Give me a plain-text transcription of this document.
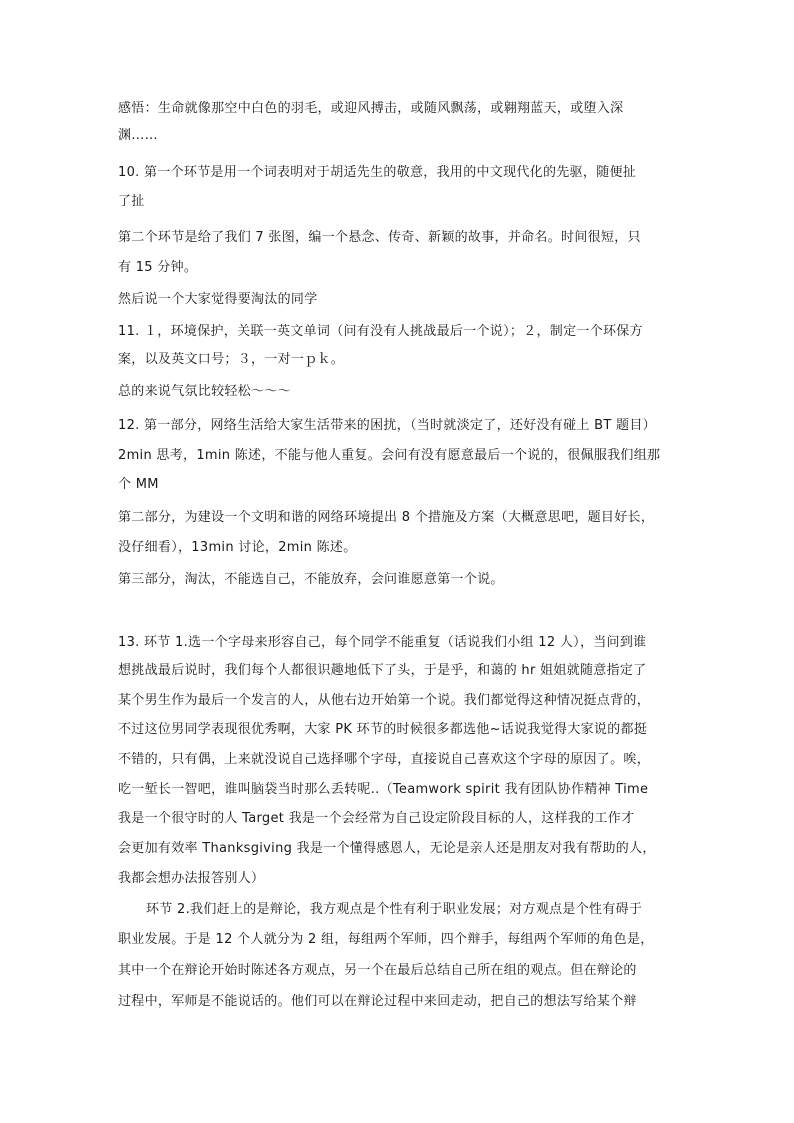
感悟：生命就像那空中白色的羽毛，或迎风搏击，或随风飘荡，或翱翔蓝天，或堕入深
渊……
10. 第一个环节是用一个词表明对于胡适先生的敬意，我用的中文现代化的先驱，随便扯
了扯
第二个环节是给了我们 7 张图，编一个悬念、传奇、新颖的故事，并命名。时间很短，只
有 15 分钟。
然后说一个大家觉得要淘汰的同学
11. １，环境保护，关联一英文单词（问有没有人挑战最后一个说）；２，制定一个环保方
案，以及英文口号；３，一对一ｐｋ。
总的来说气氛比较轻松～～～
12. 第一部分，网络生活给大家生活带来的困扰，（当时就淡定了，还好没有碰上 BT 题目）
2min 思考，1min 陈述，不能与他人重复。会问有没有愿意最后一个说的，很佩服我们组那
个 MM
第二部分，为建设一个文明和谐的网络环境提出 8 个措施及方案（大概意思吧，题目好长，
没仔细看），13min 讨论，2min 陈述。
第三部分，淘汰，不能选自己，不能放弃，会问谁愿意第一个说。
13. 环节 1.选一个字母来形容自己，每个同学不能重复（话说我们小组 12 人），当问到谁
想挑战最后说时，我们每个人都很识趣地低下了头，于是乎，和蔼的 hr 姐姐就随意指定了
某个男生作为最后一个发言的人，从他右边开始第一个说。我们都觉得这种情况挺点背的，
不过这位男同学表现很优秀啊，大家 PK 环节的时候很多都选他~话说我觉得大家说的都挺
不错的，只有偶，上来就没说自己选择哪个字母，直接说自己喜欢这个字母的原因了。唉，
吃一堑长一智吧，谁叫脑袋当时那么丢转呢..（Teamwork spirit 我有团队协作精神 Time
我是一个很守时的人 Target 我是一个会经常为自己设定阶段目标的人，这样我的工作才
会更加有效率 Thanksgiving 我是一个懂得感恩人，无论是亲人还是朋友对我有帮助的人，
我都会想办法报答别人）
环节 2.我们赶上的是辩论，我方观点是个性有利于职业发展；对方观点是个性有碍于
职业发展。于是 12 个人就分为 2 组，每组两个军师，四个辩手，每组两个军师的角色是，
其中一个在辩论开始时陈述各方观点，另一个在最后总结自己所在组的观点。但在辩论的
过程中，军师是不能说话的。他们可以在辩论过程中来回走动，把自己的想法写给某个辩
